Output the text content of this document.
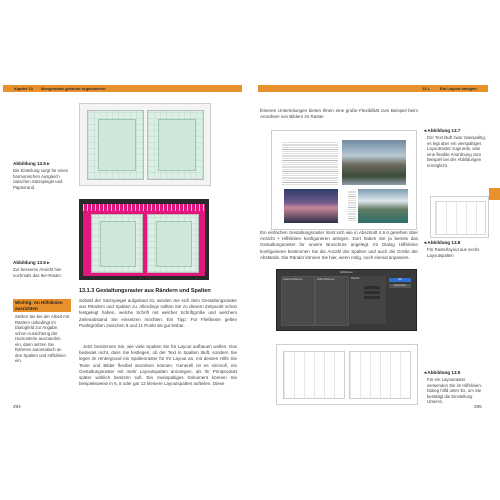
Kapitel 13 Mengensatz gekonnt organisieren
Abbildung 13.5 ▸
Die Einteilung sorgt für einen harmonischen Ausgleich zwischen Satzspiegel und Papierrand.
Abbildung 13.6 ▸
Zur besseren Ansicht hier nochmals das 9er-Raster.
Wichtig: An Hilfslinien ausrichten
Stellen Sie bei der Arbeit mit Rästern unbedingt im Dialogfeld zur Angabe, schon Ausrichtung der Hurnunterie auszuteilen. ein, dann setzen Sie Rahmen automatisch an den Spalten und Hilfslinien ein.
13.1.3 Gestaltungsraster aus Rändern und Spalten
Sobald der Satzspiegel aufgebaut ist, werden Sie sich dem Gestaltungsraster aus Rändern und Spalten zu. Allerdings sollten Sie zu diesem Zeitpunkt schon festgelegt haben, welche Schrift mit welcher Schriftgröße und welchem Zeilenabstand Sie einsetzen möchten. Ein Tipp: Für Fließtexte gelten Punktgrößen zwischen 9 und 11 Punkt als gut lesbar.
Jetzt bestimmen Sie, wie viele Spalten Sie für Layout aufbauen wollen. Das bedeutet nicht, dass Sie festlegen, ob der Text in Spalten läuft, sondern Sie legen im Hintergrund ein Spaltenraster für Ihr Layout an, mit dessen Hilfe Sie Texte und Bilder flexibel anordnen können. Generell ist es sinnvoll, ein Gestaltungsraster mit mehr Layoutspalten anzulegen, als Ihr Printprodukt später wirklich besitzen soll. Ein zweispaltiges Dokument können Sie beispielsweise in 6, 8 oder gar 12 kleinere Layoutspalten aufteilen. Diese
294
13.1	Ein Layout anlegen
feineren Unterteilungen bieten Ihnen eine große Flexibilität zum Beispiel beim Anordnen von Bildern im Raster.
◂ Abbildung 13.7
Der Text läuft zwar zweispaltig, es legt aber ein vierspaltiges Layoutraster zugrunde, was eine flexible Anordnung zum Beispiel bei der Abbildungen ermöglicht.
Ein einfachen Gestaltungsraster lösst sich wie in Abschnitt 4.6.6 gesehen über Ansicht • Hilfslinien konfigurieren anlegen. Dort haben Sie ja bereits das Gestaltungsraster für unsere Broschüre angelegt. Im Dialog Hilfslinien konfigurieren bestimmen Sie die Anzahl der Spalten und auch die Größe der Abstände. Die Ränder können Sie hier, wenn nötig, noch einmal anpassen.
◂ Abbildung 13.8
Für Rasterlayout aus sechs Layoutspalten
Hilfslinien
Spaltenhilfslinien	Zeilenhilfslinien	Ränder	OK
Abbrechen
◂ Abbildung 13.9
Für ein Layoutraster verwenden Sie im Hilfslinien-Dialog hilfd unter Ex, um Sie bestätigt die Einstellung Unterss.
295
